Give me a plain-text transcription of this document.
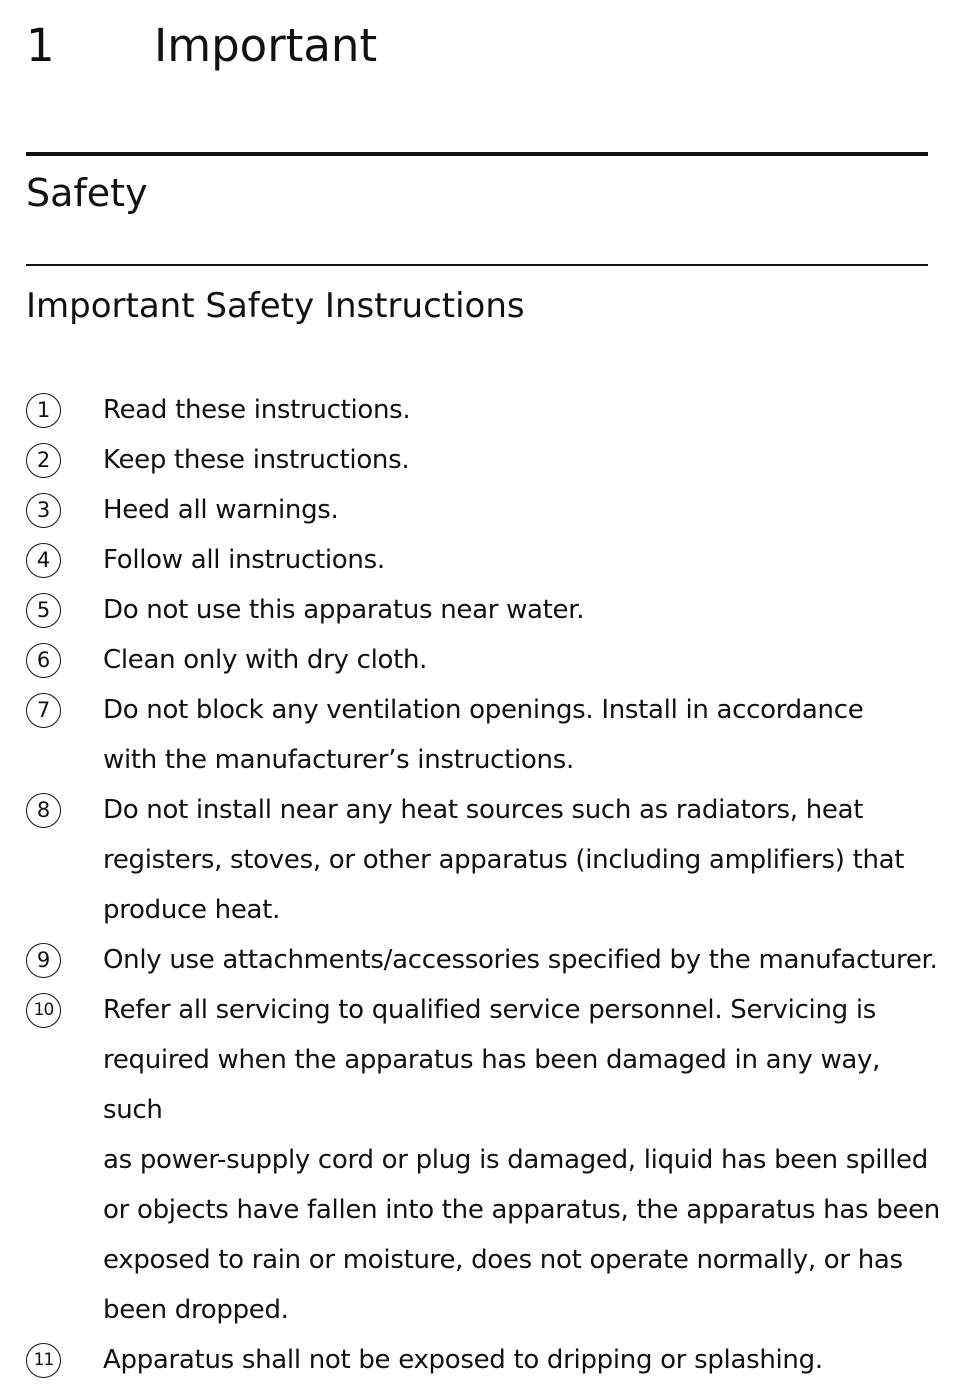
1 Important
Safety
Important Safety Instructions
1	Read these instructions.
2	Keep these instructions.
3	Heed all warnings.
4	Follow all instructions.
5	Do not use this apparatus near water.
6	Clean only with dry cloth.
7	Do not block any ventilation openings. Install in accordance
with the manufacturer’s instructions.
8	Do not install near any heat sources such as radiators, heat
registers, stoves, or other apparatus (including amplifiers) that
produce heat.
9	Only use attachments/accessories specified by the manufacturer.
10 Refer all servicing to qualified service personnel. Servicing is
required when the apparatus has been damaged in any way, such
as power-supply cord or plug is damaged, liquid has been spilled
or objects have fallen into the apparatus, the apparatus has been
exposed to rain or moisture, does not operate normally, or has
been dropped.
11 Apparatus shall not be exposed to dripping or splashing.
